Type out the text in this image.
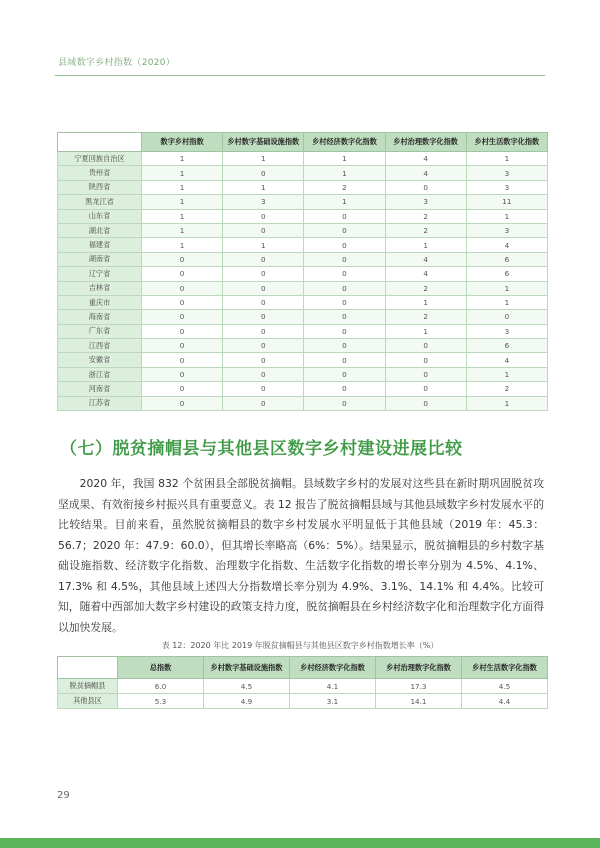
县域数字乡村指数（2020）
	数字乡村指数	乡村数字基础设施指数	乡村经济数字化指数	乡村治理数字化指数	乡村生活数字化指数
宁夏回族自治区	1	1	1	4	1
贵州省	1	0	1	4	3
陕西省	1	1	2	0	3
黑龙江省	1	3	1	3	11
山东省	1	0	0	2	1
湖北省	1	0	0	2	3
福建省	1	1	0	1	4
湖南省	0	0	0	4	6
辽宁省	0	0	0	4	6
吉林省	0	0	0	2	1
重庆市	0	0	0	1	1
海南省	0	0	0	2	0
广东省	0	0	0	1	3
江西省	0	0	0	0	6
安徽省	0	0	0	0	4
浙江省	0	0	0	0	1
河南省	0	0	0	0	2
江苏省	0	0	0	0	1
（七）脱贫摘帽县与其他县区数字乡村建设进展比较

2020 年，我国 832 个贫困县全部脱贫摘帽。县域数字乡村的发展对这些县在新时期巩固脱贫攻坚成果、有效衔接乡村振兴具有重要意义。表 12 报告了脱贫摘帽县域与其他县域数字乡村发展水平的比较结果。目前来看，虽然脱贫摘帽县的数字乡村发展水平明显低于其他县域（2019 年：45.3：56.7；2020 年：47.9：60.0），但其增长率略高（6%：5%）。结果显示，脱贫摘帽县的乡村数字基础设施指数、经济数字化指数、治理数字化指数、生活数字化指数的增长率分别为 4.5%、4.1%、17.3% 和 4.5%，其他县域上述四大分指数增长率分别为 4.9%、3.1%、14.1% 和 4.4%。比较可知，随着中西部加大数字乡村建设的政策支持力度，脱贫摘帽县在乡村经济数字化和治理数字化方面得以加快发展。

表 12：2020 年比 2019 年脱贫摘帽县与其他县区数字乡村指数增长率（%）
	总指数	乡村数字基础设施指数	乡村经济数字化指数	乡村治理数字化指数	乡村生活数字化指数
脱贫摘帽县	6.0	4.5	4.1	17.3	4.5
其他县区	5.3	4.9	3.1	14.1	4.4
29
